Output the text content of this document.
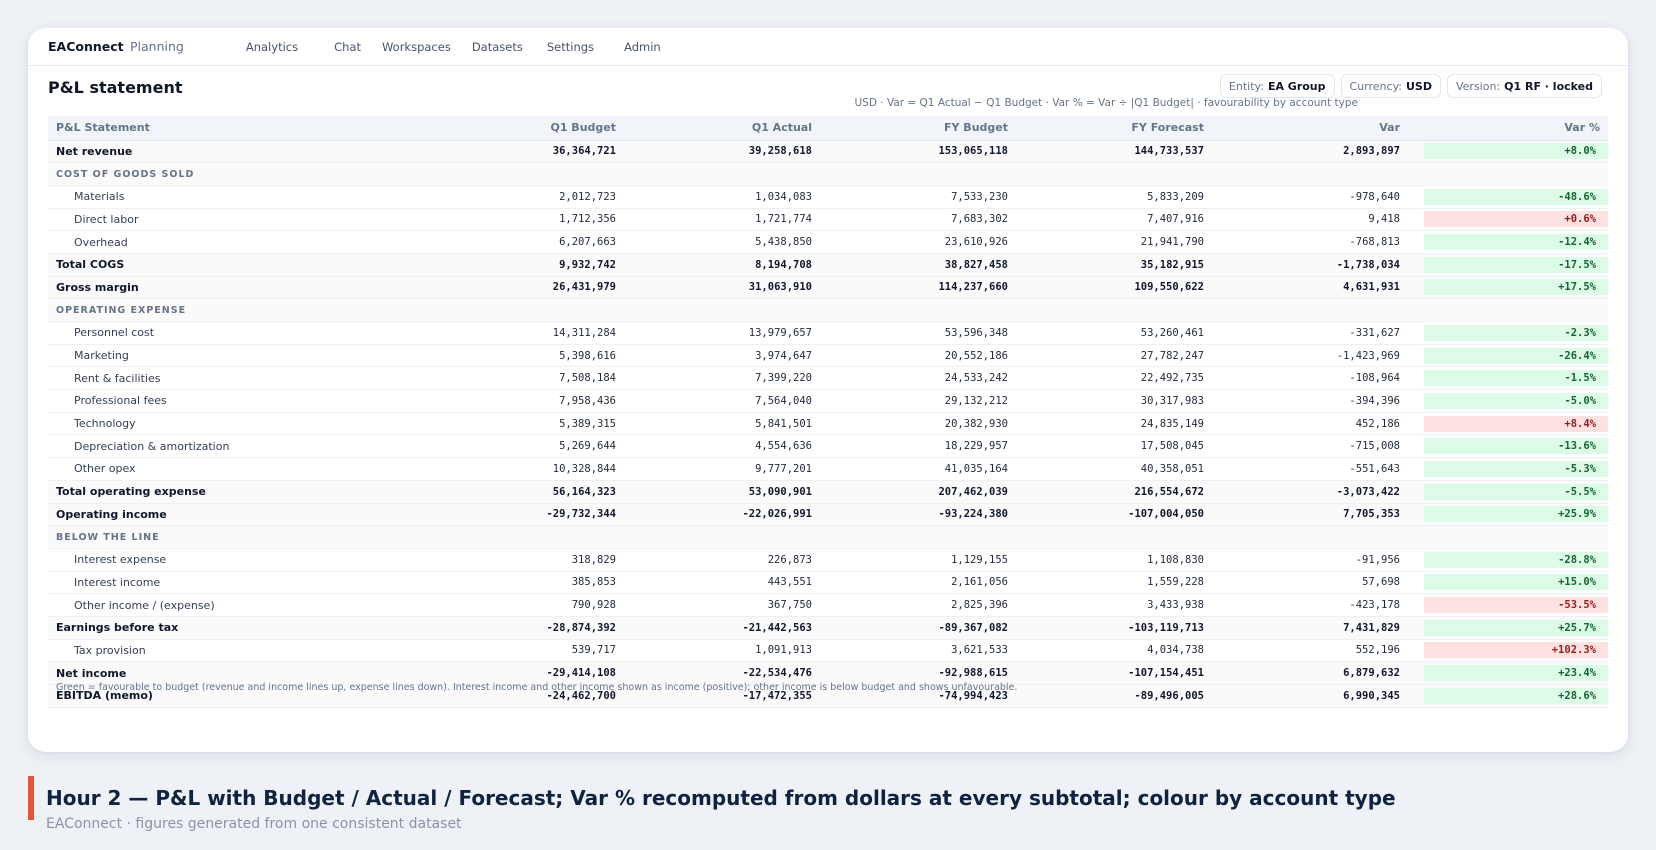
EAConnect Planning	Analytics	Chat Workspaces Datasets Settings	Admin
P&L statement	Entity: EA Group Currency: USD Version: Q1 RF · locked
USD · Var = Q1 Actual − Q1 Budget · Var % = Var ÷ |Q1 Budget| · favourability by account type
P&L Statement	Q1 Budget	Q1 Actual	FY Budget	FY Forecast	Var	Var %
Net revenue	36,364,721	39,258,618	153,065,118	144,733,537	2,893,897	+8.0%

COST OF GOODS SOLD						
Materials	2,012,723	1,034,083	7,533,230	5,833,209	-978,640	-48.6%

Direct labor	1,712,356	1,721,774	7,683,302	7,407,916	9,418	+0.6%

Overhead	6,207,663	5,438,850	23,610,926	21,941,790	-768,813	-12.4%

Total COGS	9,932,742	8,194,708	38,827,458	35,182,915	-1,738,034	-17.5%

Gross margin	26,431,979	31,063,910	114,237,660	109,550,622	4,631,931	+17.5%

OPERATING EXPENSE						
Personnel cost	14,311,284	13,979,657	53,596,348	53,260,461	-331,627	-2.3%

Marketing	5,398,616	3,974,647	20,552,186	27,782,247	-1,423,969	-26.4%

Rent & facilities	7,508,184	7,399,220	24,533,242	22,492,735	-108,964	-1.5%

Professional fees	7,958,436	7,564,040	29,132,212	30,317,983	-394,396	-5.0%

Technology	5,389,315	5,841,501	20,382,930	24,835,149	452,186	+8.4%

Depreciation & amortization	5,269,644	4,554,636	18,229,957	17,508,045	-715,008	-13.6%

Other opex	10,328,844	9,777,201	41,035,164	40,358,051	-551,643	-5.3%

Total operating expense	56,164,323	53,090,901	207,462,039	216,554,672	-3,073,422	-5.5%

Operating income	-29,732,344	-22,026,991	-93,224,380	-107,004,050	7,705,353	+25.9%

BELOW THE LINE						
Interest expense	318,829	226,873	1,129,155	1,108,830	-91,956	-28.8%

Interest income	385,853	443,551	2,161,056	1,559,228	57,698	+15.0%

Other income / (expense)	790,928	367,750	2,825,396	3,433,938	-423,178	-53.5%

Earnings before tax	-28,874,392	-21,442,563	-89,367,082	-103,119,713	7,431,829	+25.7%

Tax provision	539,717	1,091,913	3,621,533	4,034,738	552,196	+102.3%

Net income	-29,414,108	-22,534,476	-92,988,615	-107,154,451	6,879,632	+23.4%

EBITDA (memo)	-24,462,700	-17,472,355	-74,994,423	-89,496,005	6,990,345	+28.6%
Green = favourable to budget (revenue and income lines up, expense lines down). Interest income and other income shown as income (positive); other income is below budget and shows unfavourable.
Hour 2 — P&L with Budget / Actual / Forecast; Var % recomputed from dollars at every subtotal; colour by account type
EAConnect · figures generated from one consistent dataset
